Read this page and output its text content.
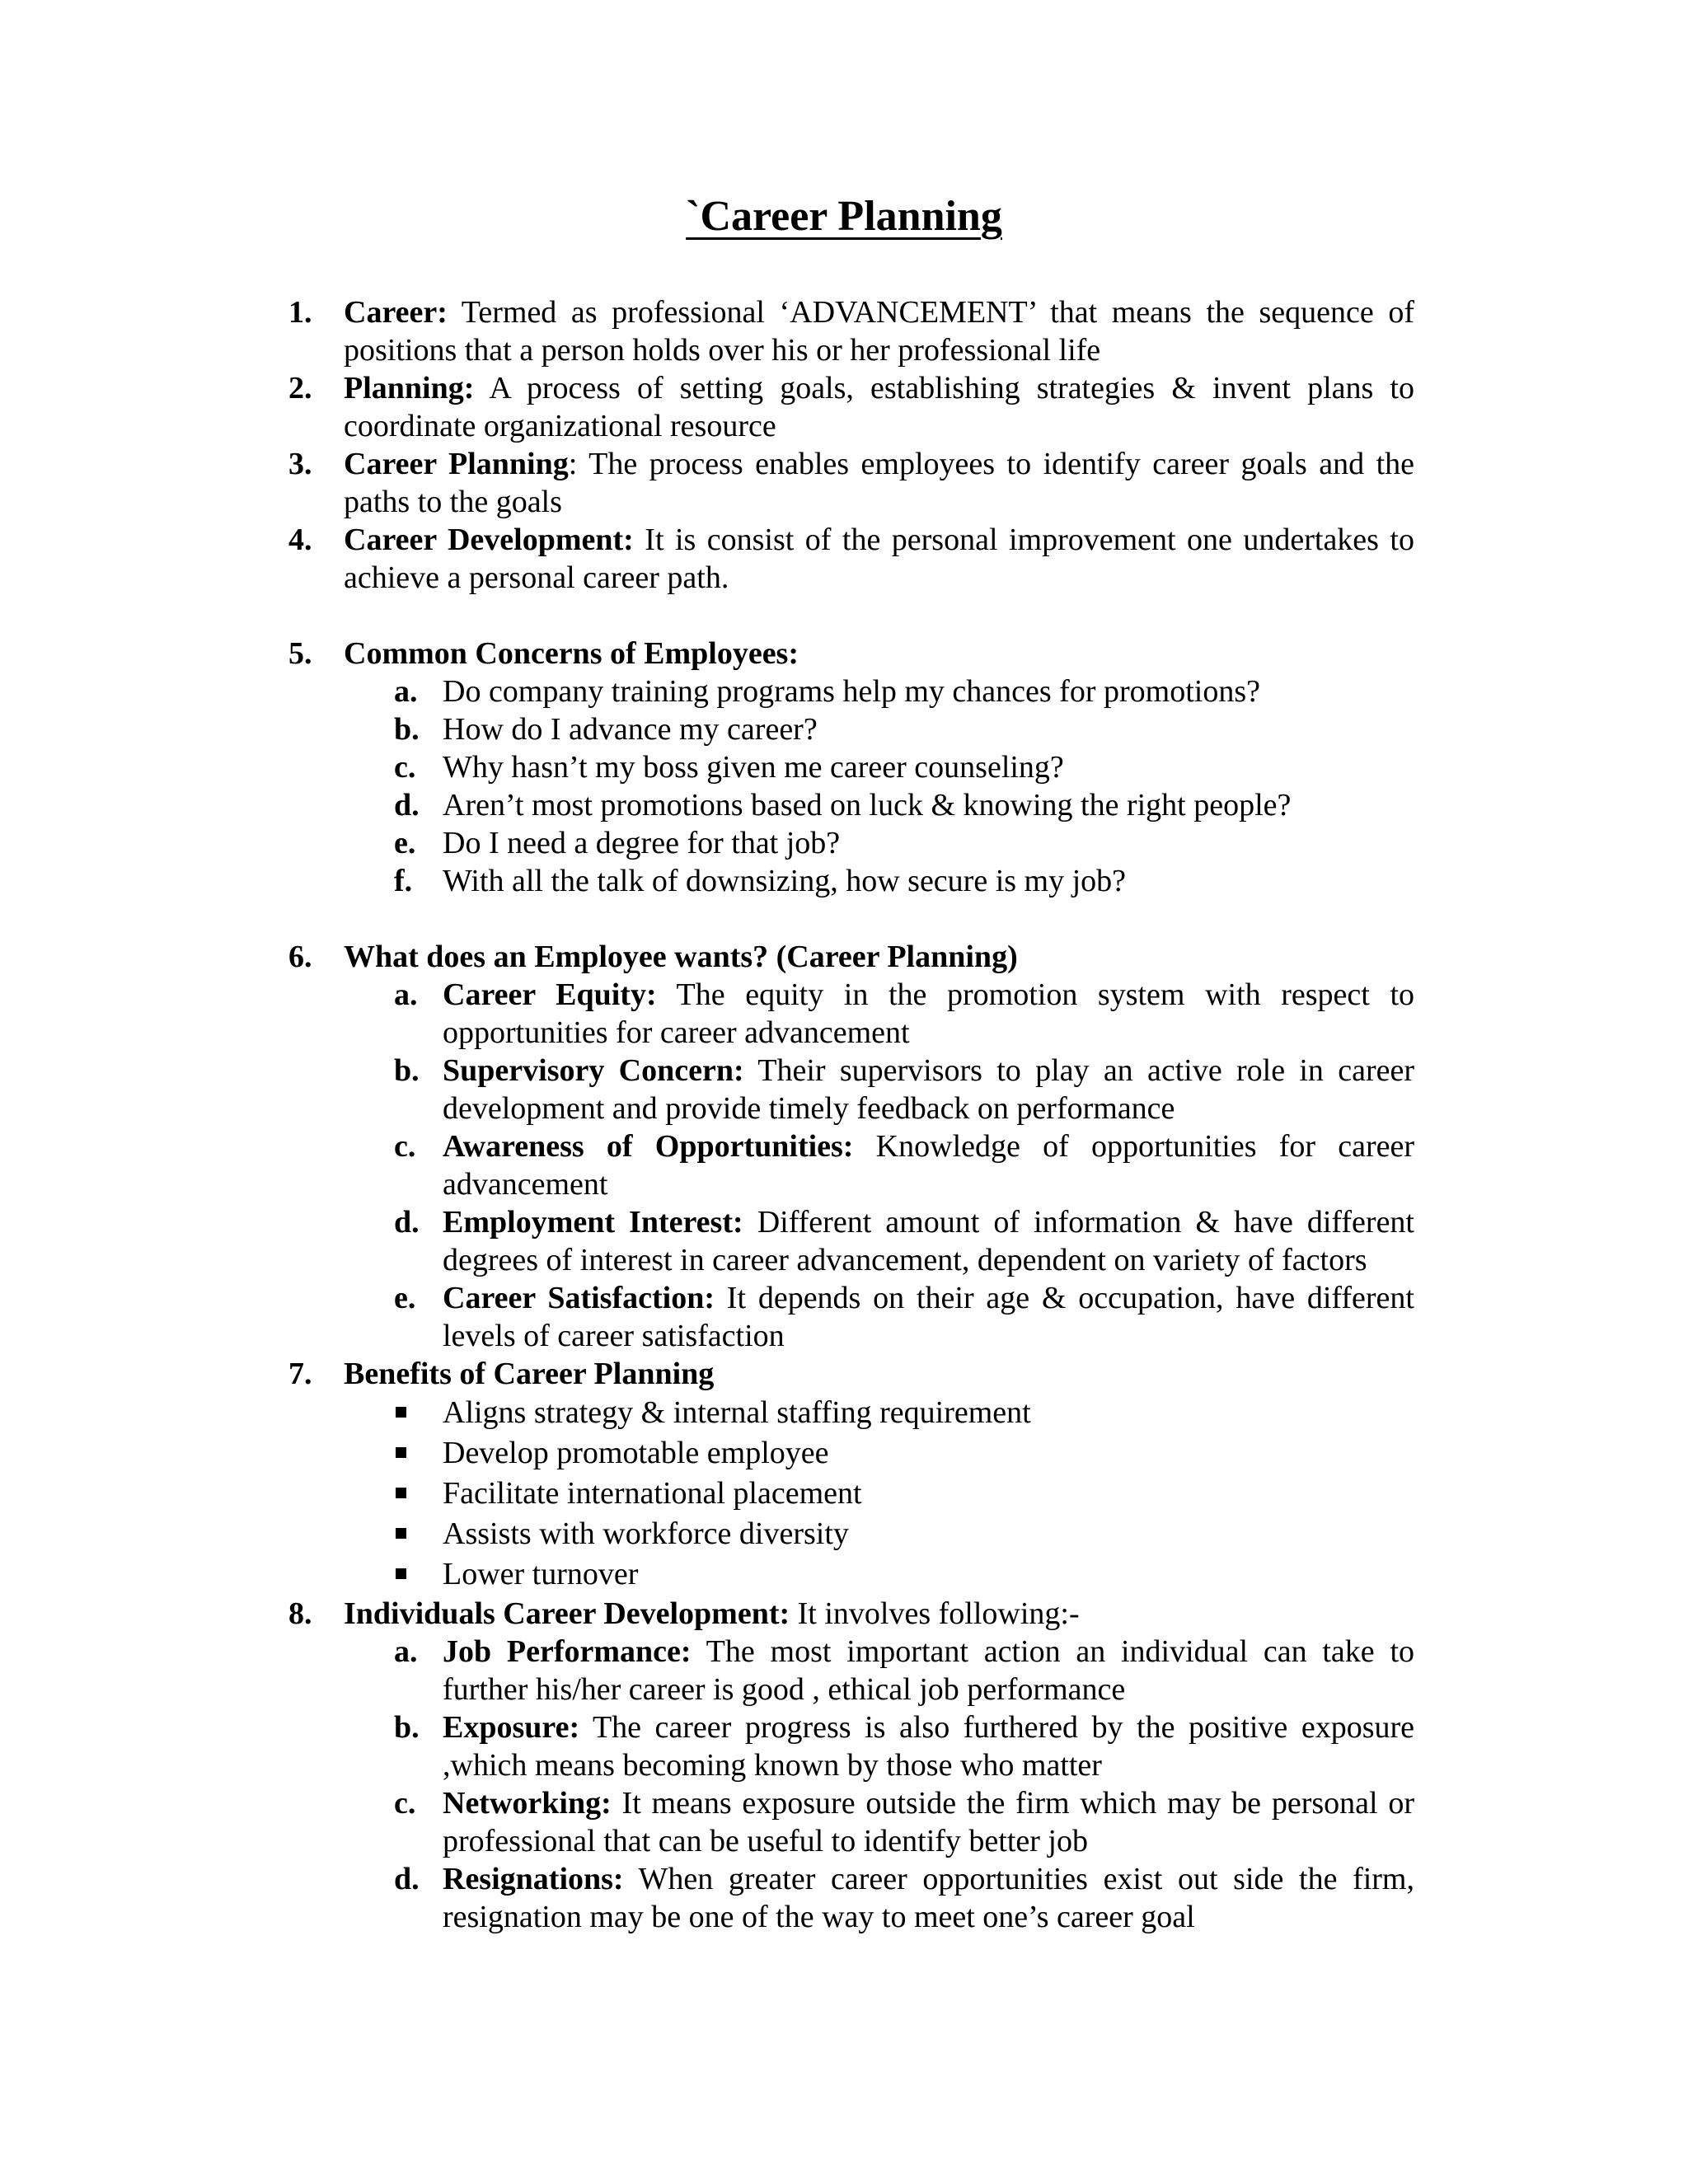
`Career Planning
1. Career: Termed as professional ‘ADVANCEMENT’ that means the sequence of positions that a person holds over his or her professional life
2. Planning: A process of setting goals, establishing strategies & invent plans to coordinate organizational resource
3. Career Planning: The process enables employees to identify career goals and the paths to the goals
4. Career Development: It is consist of the personal improvement one undertakes to achieve a personal career path.
5. Common Concerns of Employees:
a. Do company training programs help my chances for promotions?
b. How do I advance my career?
c. Why hasn’t my boss given me career counseling?
d. Aren’t most promotions based on luck & knowing the right people?
e. Do I need a degree for that job?
f. With all the talk of downsizing, how secure is my job?
6. What does an Employee wants? (Career Planning)
a. Career Equity: The equity in the promotion system with respect to opportunities for career advancement
b. Supervisory Concern: Their supervisors to play an active role in career development and provide timely feedback on performance
c. Awareness of Opportunities: Knowledge of opportunities for career advancement
d. Employment Interest: Different amount of information & have different degrees of interest in career advancement, dependent on variety of factors
e. Career Satisfaction: It depends on their age & occupation, have different levels of career satisfaction
7. Benefits of Career Planning
Aligns strategy & internal staffing requirement
Develop promotable employee
Facilitate international placement
Assists with workforce diversity
Lower turnover
8. Individuals Career Development: It involves following:-
a. Job Performance: The most important action an individual can take to further his/her career is good , ethical job performance
b. Exposure: The career progress is also furthered by the positive exposure ,which means becoming known by those who matter
c. Networking: It means exposure outside the firm which may be personal or professional that can be useful to identify better job
d. Resignations: When greater career opportunities exist out side the firm, resignation may be one of the way to meet one’s career goal
